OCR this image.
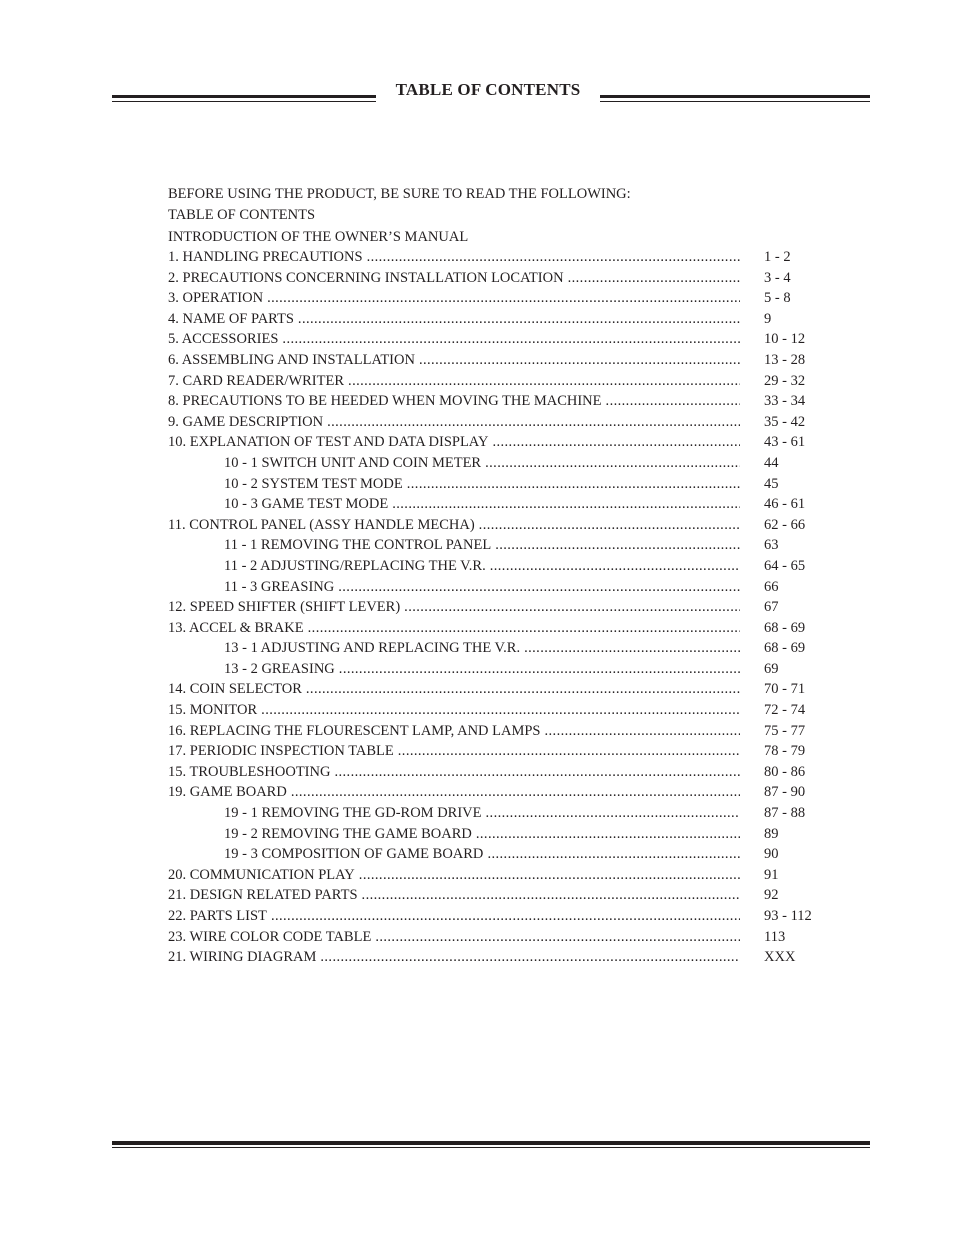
TABLE OF CONTENTS
BEFORE USING THE PRODUCT, BE SURE TO READ THE FOLLOWING:
TABLE OF CONTENTS
INTRODUCTION OF THE OWNER’S MANUAL
1. HANDLING PRECAUTIONS .....	1 - 2
2. PRECAUTIONS CONCERNING INSTALLATION LOCATION .....	3 - 4
3. OPERATION .....	5 - 8
4. NAME OF PARTS .....	9
5. ACCESSORIES .....	10 - 12
6. ASSEMBLING AND INSTALLATION .....	13 - 28
7. CARD READER/WRITER .....	29 - 32
8. PRECAUTIONS TO BE HEEDED WHEN MOVING THE MACHINE .....	33 - 34
9. GAME DESCRIPTION .....	35 - 42
10. EXPLANATION OF TEST AND DATA DISPLAY .....	43 - 61
10 - 1 SWITCH UNIT AND COIN METER .....	44
10 - 2 SYSTEM TEST MODE .....	45
10 - 3 GAME TEST MODE .....	46 - 61
11. CONTROL PANEL (ASSY HANDLE MECHA) .....	62 - 66
11 - 1 REMOVING THE CONTROL PANEL .....	63
11 - 2 ADJUSTING/REPLACING THE V.R. .....	64 - 65
11 - 3 GREASING .....	66
12. SPEED SHIFTER (SHIFT LEVER) .....	67
13. ACCEL & BRAKE .....	68 - 69
13 - 1 ADJUSTING AND REPLACING THE V.R. .....	68 - 69
13 - 2 GREASING .....	69
14. COIN SELECTOR .....	70 - 71
15. MONITOR .....	72 - 74
16. REPLACING THE FLOURESCENT LAMP, AND LAMPS .....	75 - 77
17. PERIODIC INSPECTION TABLE .....	78 - 79
15. TROUBLESHOOTING .....	80 - 86
19. GAME BOARD .....	87 - 90
19 - 1 REMOVING THE GD-ROM DRIVE .....	87 - 88
19 - 2 REMOVING THE GAME BOARD .....	89
19 - 3 COMPOSITION OF GAME BOARD .....	90
20. COMMUNICATION PLAY .....	91
21. DESIGN RELATED PARTS .....	92
22. PARTS LIST .....	93 - 112
23. WIRE COLOR CODE TABLE .....	113
21. WIRING DIAGRAM .....	XXX
